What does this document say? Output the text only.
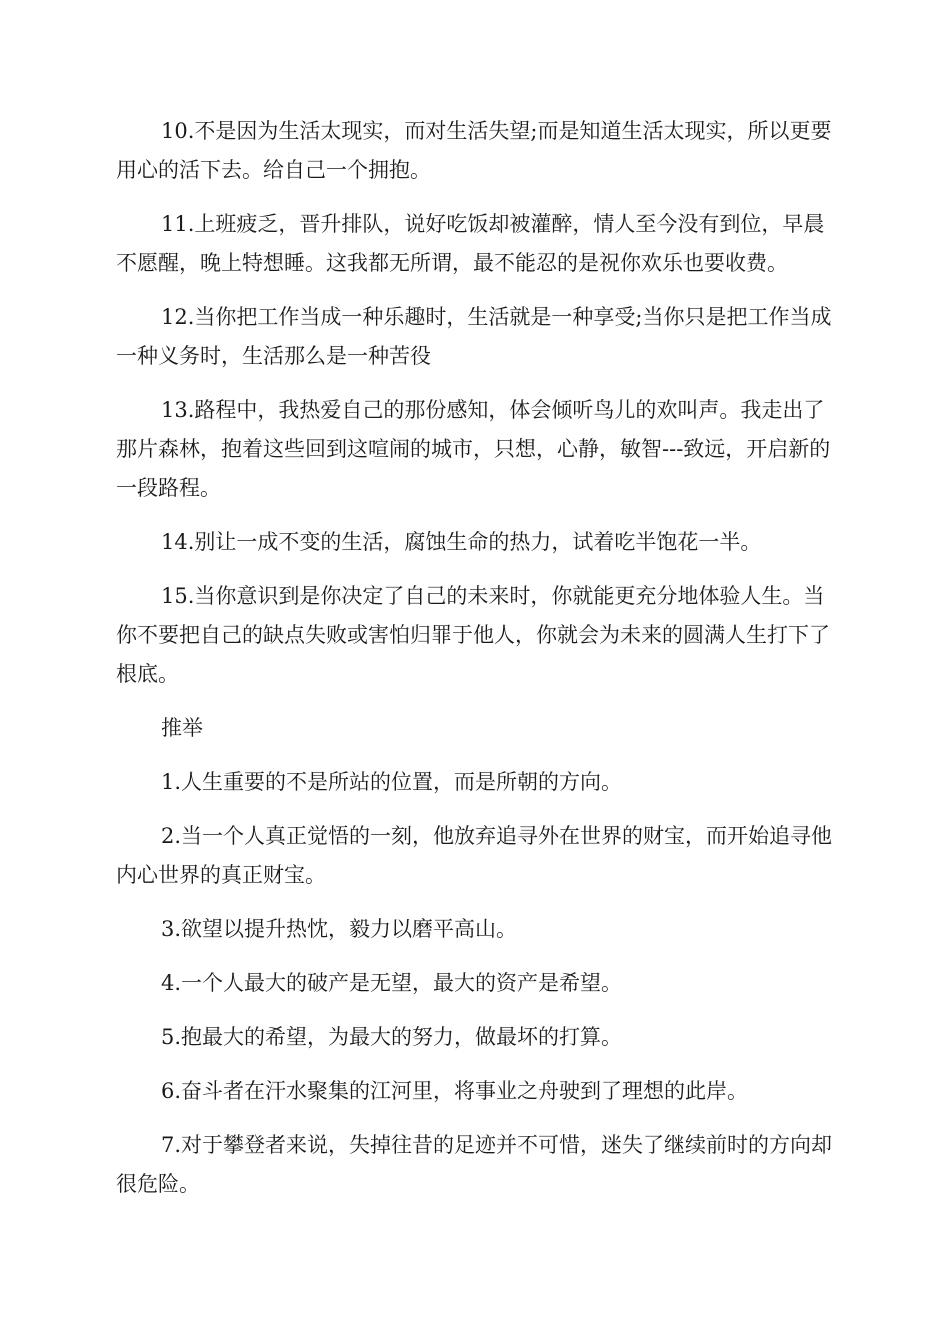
10.不是因为生活太现实，而对生活失望;而是知道生活太现实，所以更要用心的活下去。给自己一个拥抱。

11.上班疲乏，晋升排队，说好吃饭却被灌醉，情人至今没有到位，早晨不愿醒，晚上特想睡。这我都无所谓，最不能忍的是祝你欢乐也要收费。

12.当你把工作当成一种乐趣时，生活就是一种享受;当你只是把工作当成一种义务时，生活那么是一种苦役

13.路程中，我热爱自己的那份感知，体会倾听鸟儿的欢叫声。我走出了那片森林，抱着这些回到这喧闹的城市，只想，心静，敏智---致远，开启新的一段路程。

14.别让一成不变的生活，腐蚀生命的热力，试着吃半饱花一半。

15.当你意识到是你决定了自己的未来时，你就能更充分地体验人生。当你不要把自己的缺点失败或害怕归罪于他人，你就会为未来的圆满人生打下了根底。

推举

1.人生重要的不是所站的位置，而是所朝的方向。

2.当一个人真正觉悟的一刻，他放弃追寻外在世界的财宝，而开始追寻他内心世界的真正财宝。

3.欲望以提升热忱，毅力以磨平高山。

4.一个人最大的破产是无望，最大的资产是希望。

5.抱最大的希望，为最大的努力，做最坏的打算。

6.奋斗者在汗水聚集的江河里，将事业之舟驶到了理想的此岸。

7.对于攀登者来说，失掉往昔的足迹并不可惜，迷失了继续前时的方向却很危险。
